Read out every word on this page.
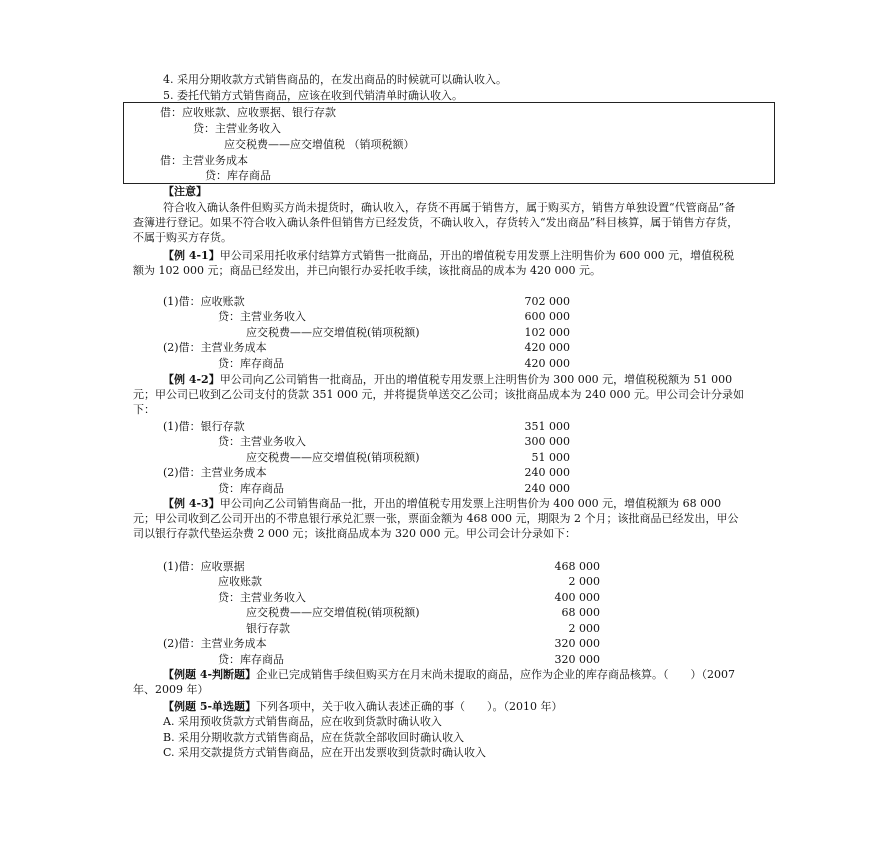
4. 采用分期收款方式销售商品的，在发出商品的时候就可以确认收入。
5. 委托代销方式销售商品，应该在收到代销清单时确认收入。
借：应收账款、应收票据、银行存款
贷：主营业务收入
应交税费——应交增值税 （销项税额）
借：主营业务成本
贷：库存商品
【注意】
符合收入确认条件但购买方尚未提货时，确认收入，存货不再属于销售方，属于购买方，销售方单独设置“代管商品”备查簿进行登记。如果不符合收入确认条件但销售方已经发货，不确认收入，存货转入“发出商品”科目核算，属于销售方存货，不属于购买方存货。
【例 4-1】甲公司采用托收承付结算方式销售一批商品，开出的增值税专用发票上注明售价为 600 000 元，增值税税额为 102 000 元；商品已经发出，并已向银行办妥托收手续，该批商品的成本为 420 000 元。
(1)借：应收账款	702 000
贷：主营业务收入	600 000
应交税费——应交增值税(销项税额)	102 000
(2)借：主营业务成本	420 000
贷：库存商品	420 000
【例 4-2】甲公司向乙公司销售一批商品，开出的增值税专用发票上注明售价为 300 000 元，增值税税额为 51 000 元；甲公司已收到乙公司支付的货款 351 000 元，并将提货单送交乙公司；该批商品成本为 240 000 元。甲公司会计分录如下：
(1)借：银行存款	351 000
贷：主营业务收入	300 000
应交税费——应交增值税(销项税额)	51 000
(2)借：主营业务成本	240 000
贷：库存商品	240 000
【例 4-3】甲公司向乙公司销售商品一批，开出的增值税专用发票上注明售价为 400 000 元，增值税额为 68 000 元；甲公司收到乙公司开出的不带息银行承兑汇票一张，票面金额为 468 000 元，期限为 2 个月；该批商品已经发出，甲公司以银行存款代垫运杂费 2 000 元；该批商品成本为 320 000 元。甲公司会计分录如下：
(1)借：应收票据	468 000
应收账款	2 000
贷：主营业务收入	400 000
应交税费——应交增值税(销项税额)	68 000
银行存款	2 000
(2)借：主营业务成本	320 000
贷：库存商品	320 000
【例题 4-判断题】企业已完成销售手续但购买方在月末尚未提取的商品，应作为企业的库存商品核算。（　　）（2007 年、2009 年）
【例题 5-单选题】下列各项中，关于收入确认表述正确的事（　　）。（2010 年）
A. 采用预收货款方式销售商品，应在收到货款时确认收入
B. 采用分期收款方式销售商品，应在货款全部收回时确认收入
C. 采用交款提货方式销售商品，应在开出发票收到货款时确认收入
